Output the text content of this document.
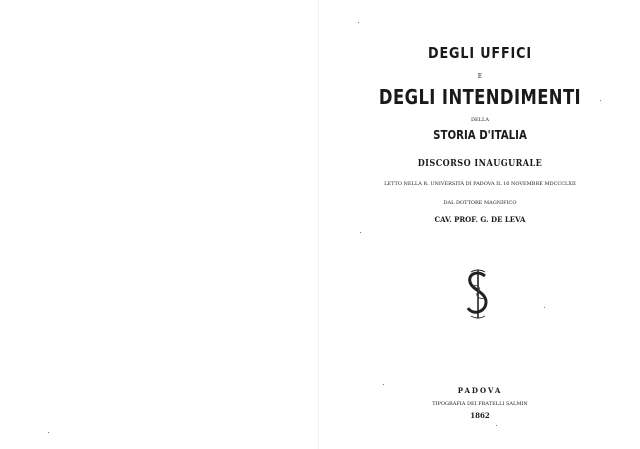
DEGLI UFFICI
E
DEGLI INTENDIMENTI
DELLA
STORIA D'ITALIA
DISCORSO INAUGURALE
LETTO NELLA R. UNIVERSITÀ DI PADOVA IL 16 NOVEMBRE MDCCCLXII
DAL DOTTORE MAGNIFICO
CAV. PROF. G. DE LEVA
PADOVA
TIPOGRAFIA DEI FRATELLI SALMIN
1862
